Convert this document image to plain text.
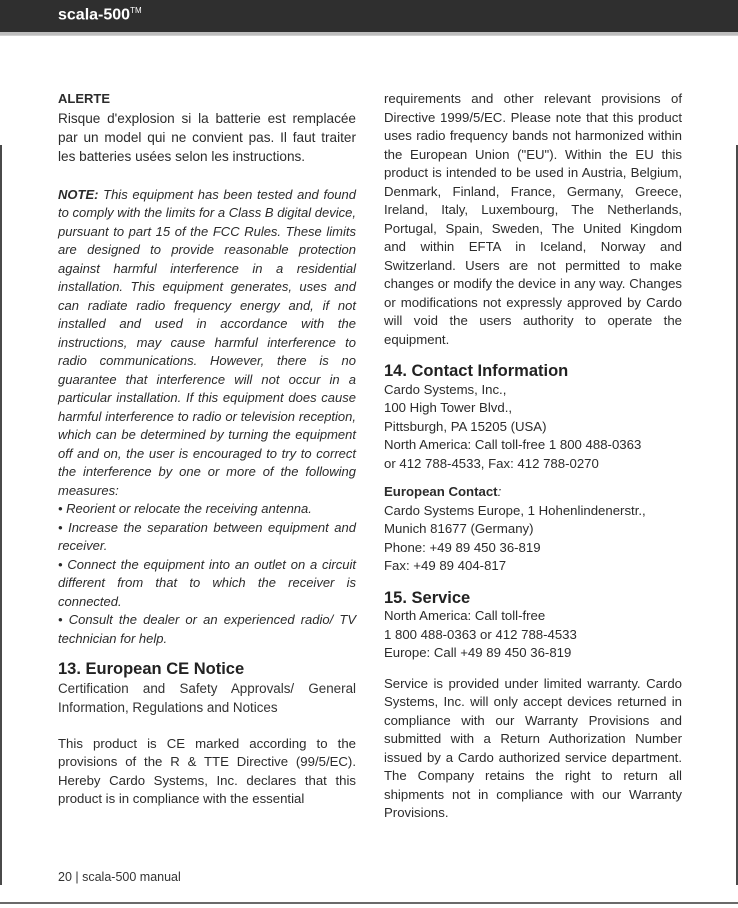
scala-500™

ALERTE

Risque d'explosion si la batterie est remplacée par un model qui ne convient pas. Il faut traiter les batteries usées selon les instructions.

NOTE: This equipment has been tested and found to comply with the limits for a Class B digital device, pursuant to part 15 of the FCC Rules. These limits are designed to provide reasonable protection against harmful interference in a residential installation. This equipment generates, uses and can radiate radio frequency energy and, if not installed and used in accordance with the instructions, may cause harmful interference to radio communications. However, there is no guarantee that interference will not occur in a particular installation. If this equipment does cause harmful interference to radio or television reception, which can be determined by turning the equipment off and on, the user is encouraged to try to correct the interference by one or more of the following measures:

• Reorient or relocate the receiving antenna.

• Increase the separation between equipment and receiver.

• Connect the equipment into an outlet on a circuit different from that to which the receiver is connected.

• Consult the dealer or an experienced radio/ TV technician for help.

13. European CE Notice

Certification and Safety Approvals/ General Information, Regulations and Notices

This product is CE marked according to the provisions of the R & TTE Directive (99/5/EC). Hereby Cardo Systems, Inc. declares that this product is in compliance with the essential

requirements and other relevant provisions of Directive 1999/5/EC. Please note that this product uses radio frequency bands not harmonized within the European Union ("EU"). Within the EU this product is intended to be used in Austria, Belgium, Denmark, Finland, France, Germany, Greece, Ireland, Italy, Luxembourg, The Netherlands, Portugal, Spain, Sweden, The United Kingdom and within EFTA in Iceland, Norway and Switzerland. Users are not permitted to make changes or modify the device in any way. Changes or modifications not expressly approved by Cardo will void the users authority to operate the equipment.

14. Contact Information
Cardo Systems, Inc.,
100 High Tower Blvd.,
Pittsburgh, PA 15205 (USA)
North America: Call toll-free 1 800 488-0363
or 412 788-4533, Fax: 412 788-0270
European Contact:
Cardo Systems Europe, 1 Hohenlindenerstr.,
Munich 81677 (Germany)
Phone: +49 89 450 36-819
Fax: +49 89 404-817
15. Service
North America: Call toll-free
1 800 488-0363 or 412 788-4533
Europe: Call +49 89 450 36-819

Service is provided under limited warranty. Cardo Systems, Inc. will only accept devices returned in compliance with our Warranty Provisions and submitted with a Return Authorization Number issued by a Cardo authorized service department. The Company retains the right to return all shipments not in compliance with our Warranty Provisions.

20 | scala-500 manual
